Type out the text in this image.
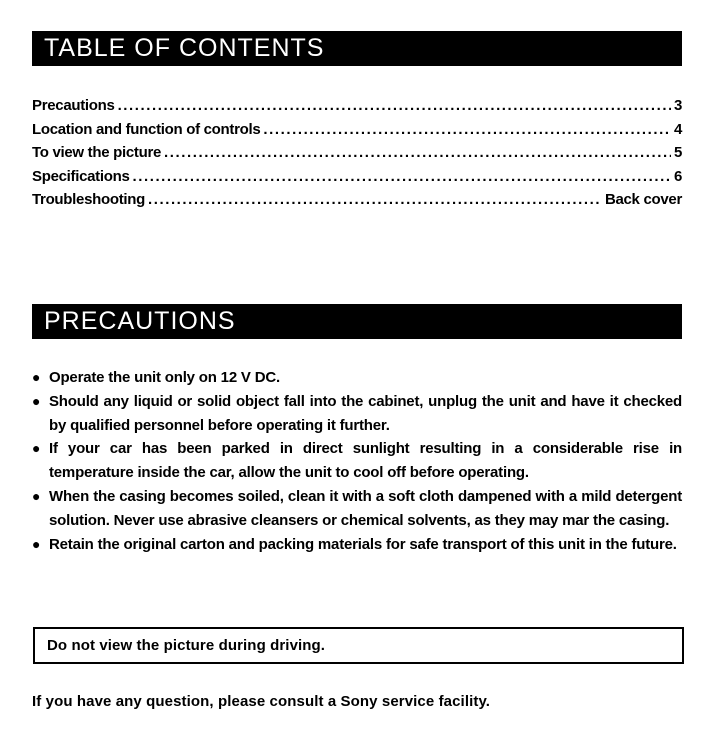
TABLE OF CONTENTS
Precautions . . .	3
Location and function of controls . . .	4
To view the picture . . .	5
Specifications . . .	6
Troubleshooting . . .	Back cover
PRECAUTIONS
● Operate the unit only on 12 V DC.
● Should any liquid or solid object fall into the cabinet, unplug the unit and have it checked by qualified personnel before operating it further.
● If your car has been parked in direct sunlight resulting in a considerable rise in temperature inside the car, allow the unit to cool off before operating.
● When the casing becomes soiled, clean it with a soft cloth dampened with a mild detergent solution. Never use abrasive cleansers or chemical solvents, as they may mar the casing.
● Retain the original carton and packing materials for safe transport of this unit in the future.
Do not view the picture during driving.
If you have any question, please consult a Sony service facility.
